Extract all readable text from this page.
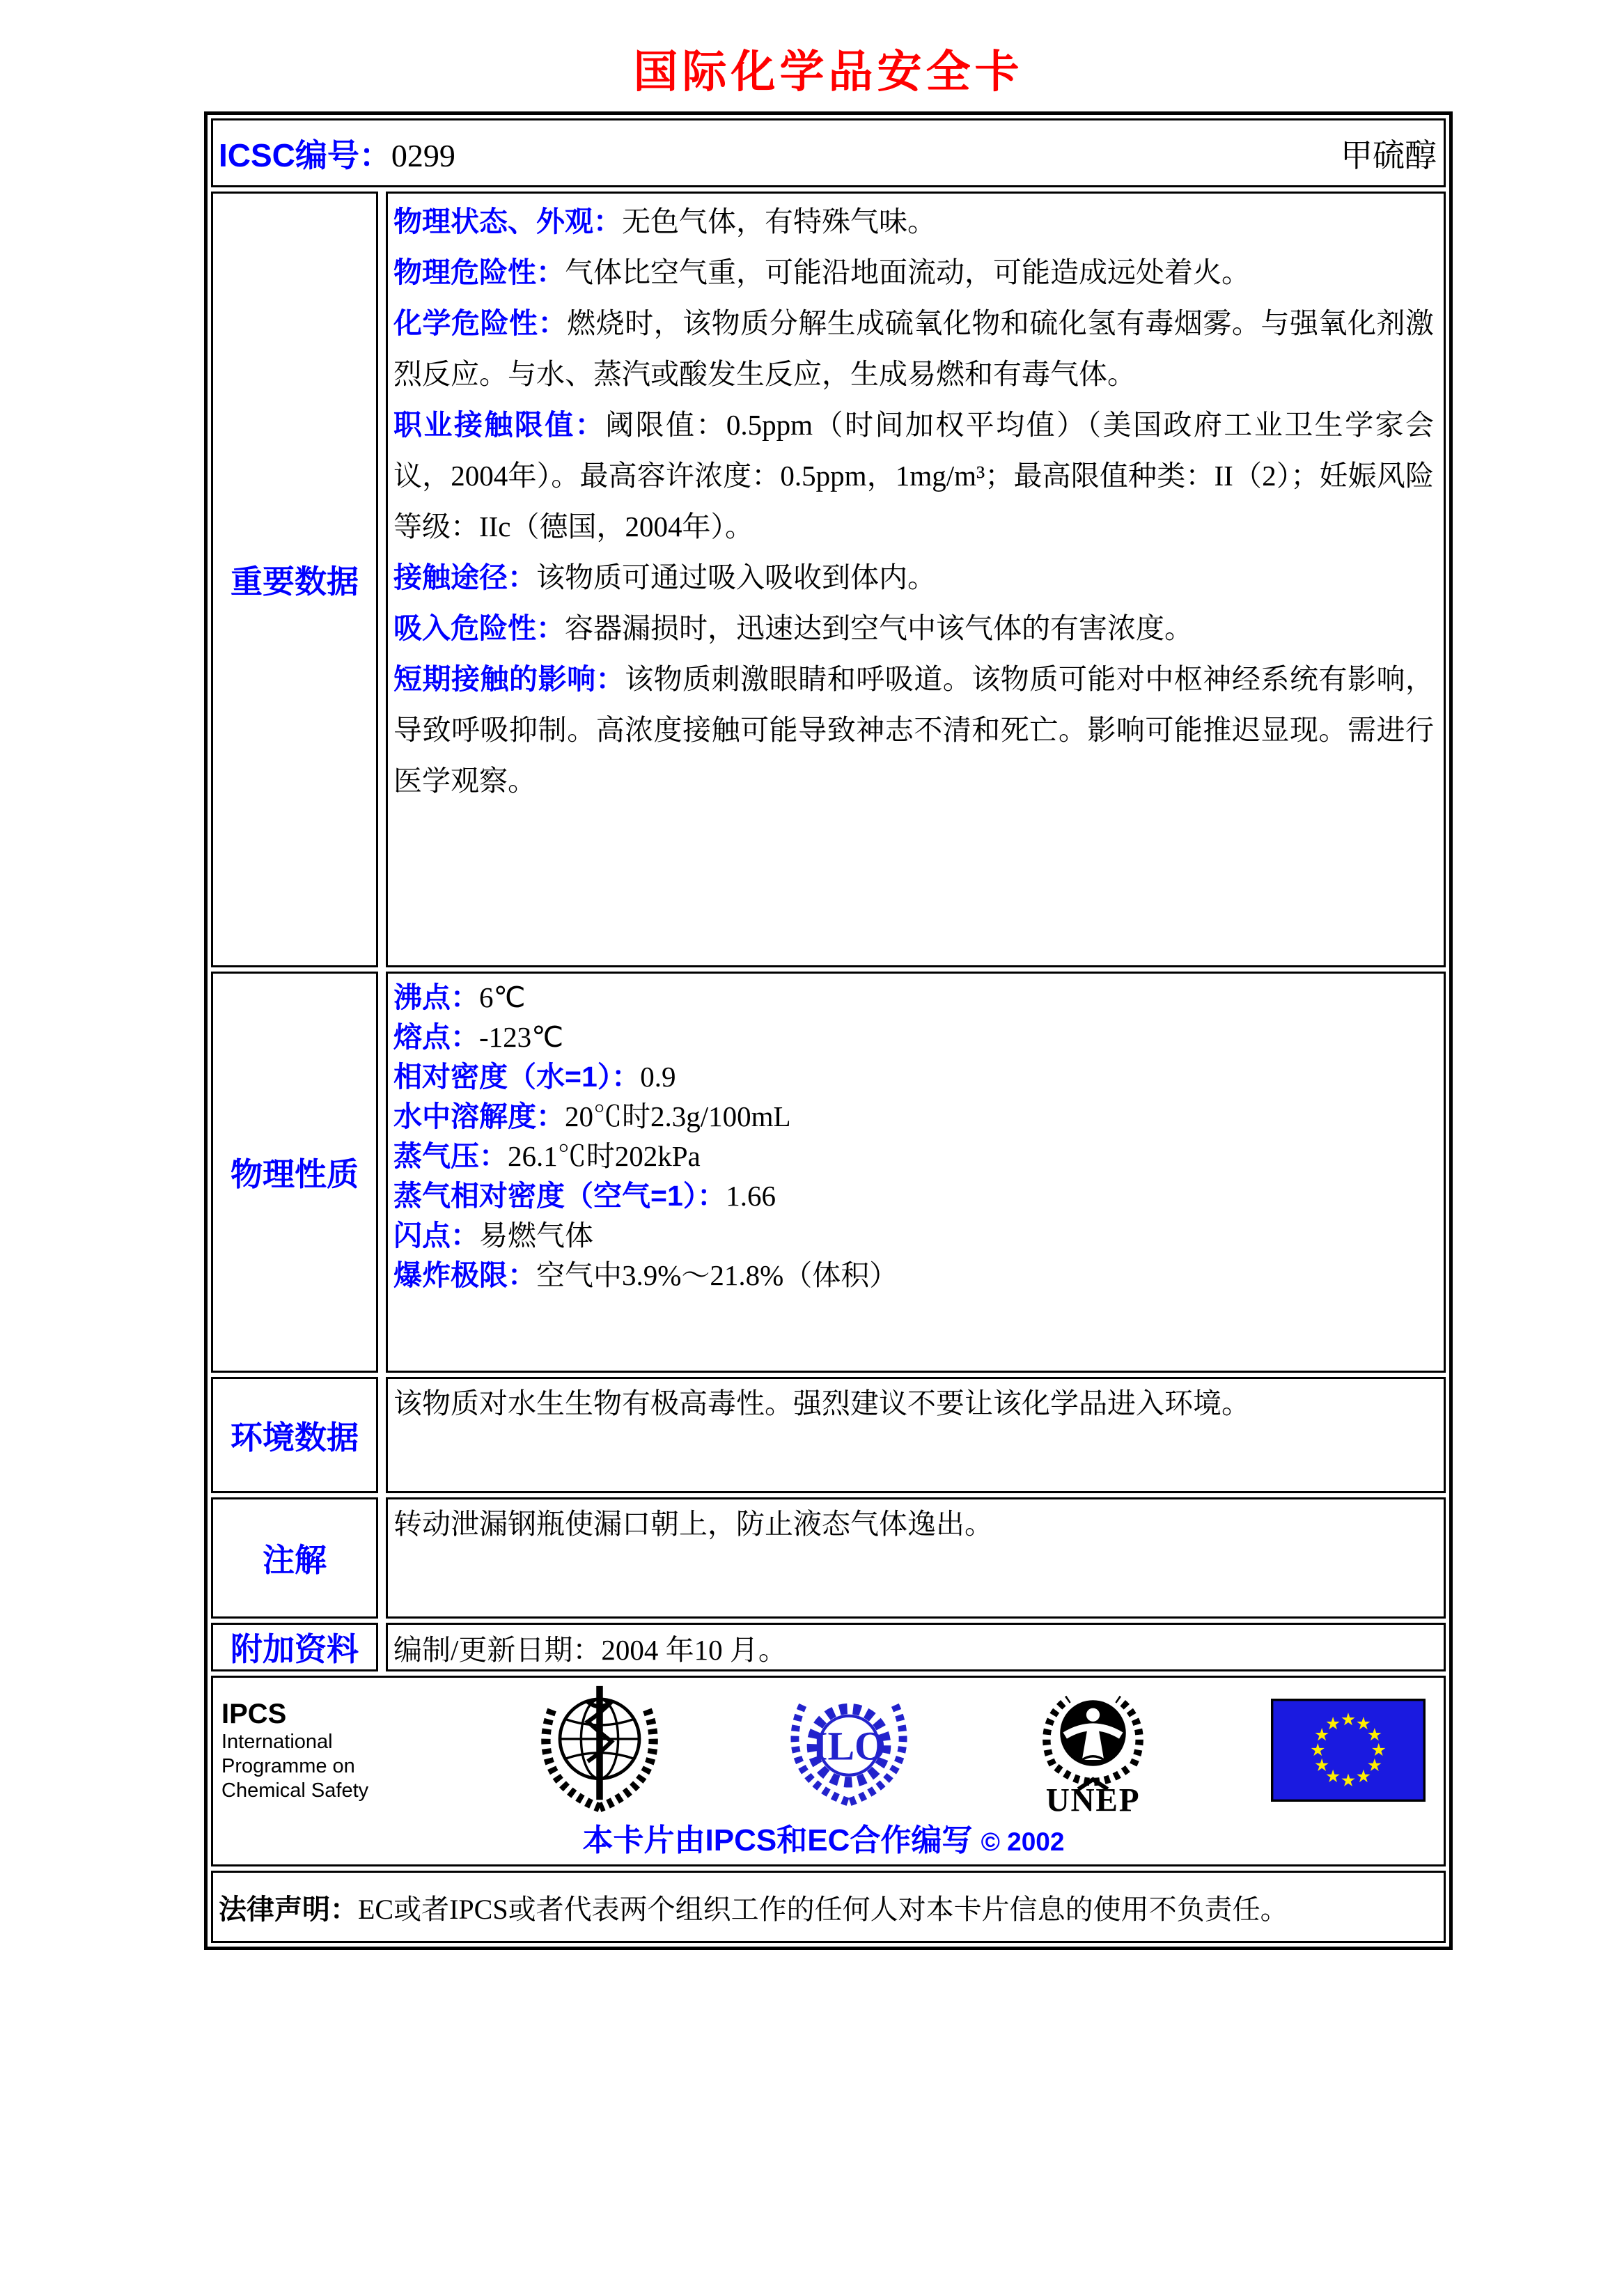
国际化学品安全卡
ICSC编号：0299	甲硫醇
重要数据

物理状态、外观：无色气体，有特殊气味。

物理危险性：气体比空气重，可能沿地面流动，可能造成远处着火。

化学危险性：燃烧时，该物质分解生成硫氧化物和硫化氢有毒烟雾。与强氧化剂激烈反应。与水、蒸汽或酸发生反应，生成易燃和有毒气体。

职业接触限值：阈限值：0.5ppm（时间加权平均值）（美国政府工业卫生学家会议，2004年）。最高容许浓度：0.5ppm，1mg/m³；最高限值种类：II（2）；妊娠风险等级：IIc（德国，2004年）。

接触途径：该物质可通过吸入吸收到体内。

吸入危险性：容器漏损时，迅速达到空气中该气体的有害浓度。

短期接触的影响：该物质刺激眼睛和呼吸道。该物质可能对中枢神经系统有影响，导致呼吸抑制。高浓度接触可能导致神志不清和死亡。影响可能推迟显现。需进行医学观察。

物理性质
沸点：6℃
熔点：-123℃
相对密度（水=1）：0.9
水中溶解度：20℃时2.3g/100mL
蒸气压：26.1℃时202kPa
蒸气相对密度（空气=1）：1.66
闪点：易燃气体
爆炸极限：空气中3.9%～21.8%（体积）
环境数据
该物质对水生生物有极高毒性。强烈建议不要让该化学品进入环境。
注解
转动泄漏钢瓶使漏口朝上，防止液态气体逸出。
附加资料	编制/更新日期：2004 年10 月。
IPCS
International
Programme on
Chemical Safety
ILO
UNEP
本卡片由IPCS和EC合作编写 © 2002
法律声明： EC或者IPCS或者代表两个组织工作的任何人对本卡片信息的使用不负责任。
